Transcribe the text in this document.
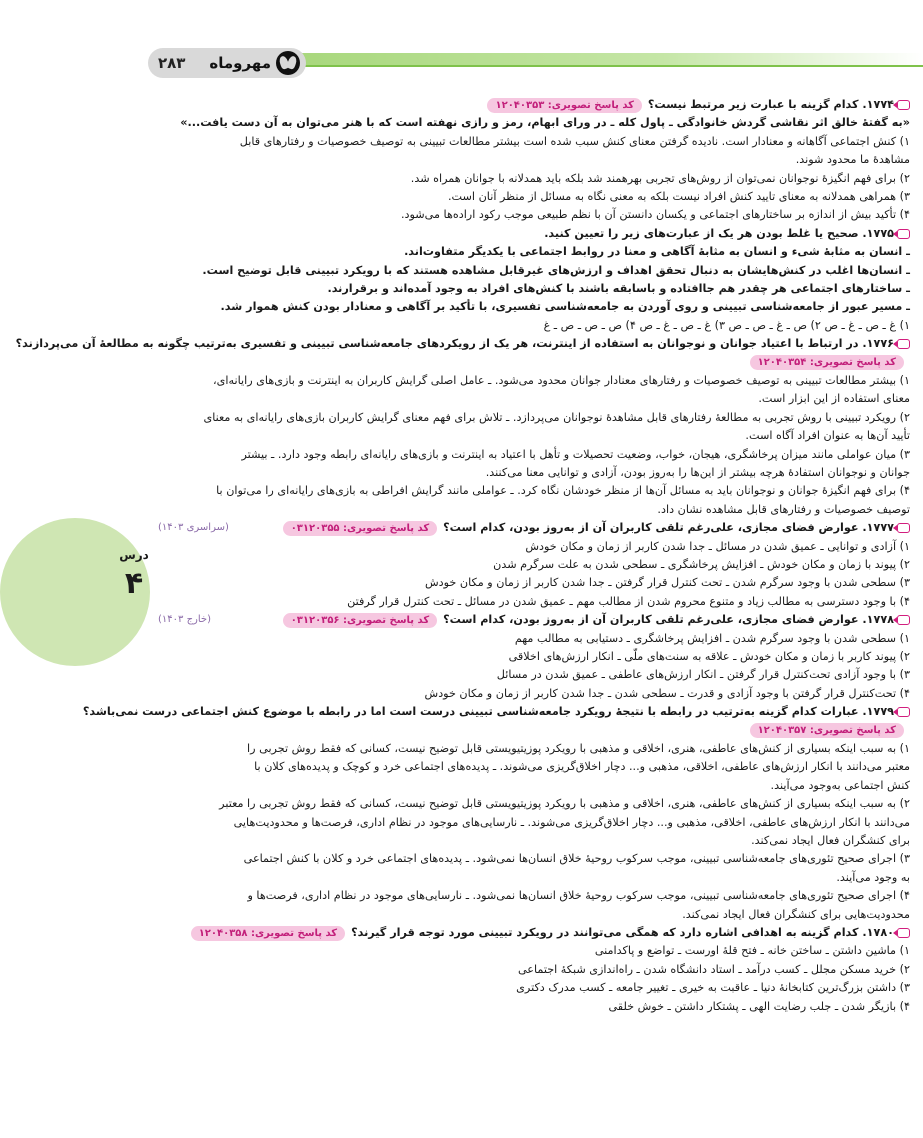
۲۸۳ مهروماه
درس
۴
۱۷۷۴. کدام گزینه با عبارت زیر مرتبط نیست؟کد پاسخ تصویری: ۱۲۰۴۰۳۵۳
«به گفتهٔ خالق اثر نقاشی گردش خانوادگی ـ پاول کله ـ در ورای ابهام، رمز و رازی نهفته است که با هنر می‌توان به آن دست یافت...»
۱) کنش اجتماعی آگاهانه و معنادار است. نادیده گرفتن معنای کنش سبب شده است بیشتر مطالعات تبیینی به توصیف خصوصیات و رفتارهای قابل
مشاهدهٔ ما محدود شوند.
۲) برای فهم انگیزهٔ نوجوانان نمی‌توان از روش‌های تجربی بهرهمند شد بلکه باید همدلانه با جوانان همراه شد.
۳) همراهی همدلانه به معنای تایید کنش افراد نیست بلکه به معنی نگاه به مسائل از منظر آنان است.
۴) تأکید بیش از اندازه بر ساختارهای اجتماعی و یکسان دانستن آن با نظم طبیعی موجب رکود اراده‌ها می‌شود.
۱۷۷۵. صحیح یا غلط بودن هر یک از عبارت‌های زیر را تعیین کنید.
ـ انسان به مثابهٔ شیء و انسان به مثابهٔ آگاهی و معنا در روابط اجتماعی با یکدیگر متفاوت‌اند.
ـ انسان‌ها اغلب در کنش‌هایشان به دنبال تحقق اهداف و ارزش‌های غیرقابل مشاهده هستند که با رویکرد تبیینی قابل توضیح است.
ـ ساختارهای اجتماعی هر چقدر هم جاافتاده و باسابقه باشند با کنش‌های افراد به وجود آمده‌اند و برقرارند.
ـ مسیر عبور از جامعه‌شناسی تبیینی و روی آوردن به جامعه‌شناسی تفسیری، با تأکید بر آگاهی و معنادار بودن کنش هموار شد.
۱) غ ـ ص ـ غ ـ ص ۲) ص ـ غ ـ ص ـ ص ۳) غ ـ ص ـ غ ـ ص ۴) ص ـ ص ـ ص ـ غ
۱۷۷۶. در ارتباط با اعتیاد جوانان و نوجوانان به استفاده از اینترنت، هر یک از رویکردهای جامعه‌شناسی تبیینی و تفسیری به‌ترتیب چگونه به مطالعهٔ آن می‌پردازند؟
کد پاسخ تصویری: ۱۲۰۴۰۳۵۴
۱) بیشتر مطالعات تبیینی به توصیف خصوصیات و رفتارهای معنادار جوانان محدود می‌شود. ـ عامل اصلی گرایش کاربران به اینترنت و بازی‌های رایانه‌ای،
معنای استفاده از این ابزار است.
۲) رویکرد تبیینی با روش تجربی به مطالعهٔ رفتارهای قابل مشاهدهٔ نوجوانان می‌پردازد. ـ تلاش برای فهم معنای گرایش کاربران بازی‌های رایانه‌ای به معنای
تأیید آن‌ها به عنوان افراد آگاه است.
۳) میان عواملی مانند میزان پرخاشگری، هیجان، خواب، وضعیت تحصیلات و تأهل با اعتیاد به اینترنت و بازی‌های رایانه‌ای رابطه وجود دارد. ـ بیشتر
جوانان و نوجوانان استفادهٔ هرچه بیشتر از این‌ها را به‌روز بودن، آزادی و توانایی معنا می‌کنند.
۴) برای فهم انگیزهٔ جوانان و نوجوانان باید به مسائل آن‌ها از منظر خودشان نگاه کرد. ـ عواملی مانند گرایش افراطی به بازی‌های رایانه‌ای را می‌توان با
توصیف خصوصیات و رفتارهای قابل مشاهده نشان داد.
۱۷۷۷. عوارض فضای مجازی، علی‌رغم تلقی کاربران آن از به‌روز بودن، کدام است؟کد پاسخ تصویری: ۰۳۱۲۰۳۵۵
(سراسری ۱۴۰۳)
۱) آزادی و توانایی ـ عمیق شدن در مسائل ـ جدا شدن کاربر از زمان و مکان خودش
۲) پیوند با زمان و مکان خودش ـ افزایش پرخاشگری ـ سطحی شدن به علت سرگرم شدن
۳) سطحی شدن با وجود سرگرم شدن ـ تحت کنترل قرار گرفتن ـ جدا شدن کاربر از زمان و مکان خودش
۴) با وجود دسترسی به مطالب زیاد و متنوع محروم شدن از مطالب مهم ـ عمیق شدن در مسائل ـ تحت کنترل قرار گرفتن
۱۷۷۸. عوارض فضای مجازی، علی‌رغم تلقی کاربران آن از به‌روز بودن، کدام است؟کد پاسخ تصویری: ۰۳۱۲۰۳۵۶
(خارج ۱۴۰۳)
۱) سطحی شدن با وجود سرگرم شدن ـ افزایش پرخاشگری ـ دستیابی به مطالب مهم
۲) پیوند کاربر با زمان و مکان خودش ـ علاقه به سنت‌های ملّی ـ انکار ارزش‌های اخلاقی
۳) با وجود آزادی تحت‌کنترل قرار گرفتن ـ انکار ارزش‌های عاطفی ـ عمیق شدن در مسائل
۴) تحت‌کنترل قرار گرفتن با وجود آزادی و قدرت ـ سطحی شدن ـ جدا شدن کاربر از زمان و مکان خودش
۱۷۷۹. عبارات کدام گزینه به‌ترتیب در رابطه با نتیجهٔ رویکرد جامعه‌شناسی تبیینی درست است اما در رابطه با موضوع کنش اجتماعی درست نمی‌باشد؟
کد پاسخ تصویری: ۱۲۰۴۰۳۵۷
۱) به سبب اینکه بسیاری از کنش‌های عاطفی، هنری، اخلاقی و مذهبی با رویکرد پوزیتیویستی قابل توضیح نیست، کسانی که فقط روش تجربی را
معتبر می‌دانند با انکار ارزش‌های عاطفی، اخلاقی، مذهبی و... دچار اخلاق‌گریزی می‌شوند. ـ پدیده‌های اجتماعی خرد و کوچک و پدیده‌های کلان با
کنش اجتماعی به‌وجود می‌آیند.
۲) به سبب اینکه بسیاری از کنش‌های عاطفی، هنری، اخلاقی و مذهبی با رویکرد پوزیتیویستی قابل توضیح نیست، کسانی که فقط روش تجربی را معتبر
می‌دانند با انکار ارزش‌های عاطفی، اخلاقی، مذهبی و... دچار اخلاق‌گریزی می‌شوند. ـ نارسایی‌های موجود در نظام اداری، فرصت‌ها و محدودیت‌هایی
برای کنشگران فعال ایجاد نمی‌کند.
۳) اجرای صحیح تئوری‌های جامعه‌شناسی تبیینی، موجب سرکوب روحیهٔ خلاق انسان‌ها نمی‌شود. ـ پدیده‌های اجتماعی خرد و کلان با کنش اجتماعی
به وجود می‌آیند.
۴) اجرای صحیح تئوری‌های جامعه‌شناسی تبیینی، موجب سرکوب روحیهٔ خلاق انسان‌ها نمی‌شود. ـ نارسایی‌های موجود در نظام اداری، فرصت‌ها و
محدودیت‌هایی برای کنشگران فعال ایجاد نمی‌کند.
۱۷۸۰. کدام گزینه به اهدافی اشاره دارد که همگی می‌توانند در رویکرد تبیینی مورد توجه قرار گیرند؟کد پاسخ تصویری: ۱۲۰۴۰۳۵۸
۱) ماشین داشتن ـ ساختن خانه ـ فتح قلهٔ اورست ـ تواضع و پاکدامنی
۲) خرید مسکن مجلل ـ کسب درآمد ـ استاد دانشگاه شدن ـ راه‌اندازی شبکهٔ اجتماعی
۳) داشتن بزرگ‌ترین کتابخانهٔ دنیا ـ عاقبت به خیری ـ تغییر جامعه ـ کسب مدرک دکتری
۴) بازیگر شدن ـ جلب رضایت الهی ـ پشتکار داشتن ـ خوش خلقی
